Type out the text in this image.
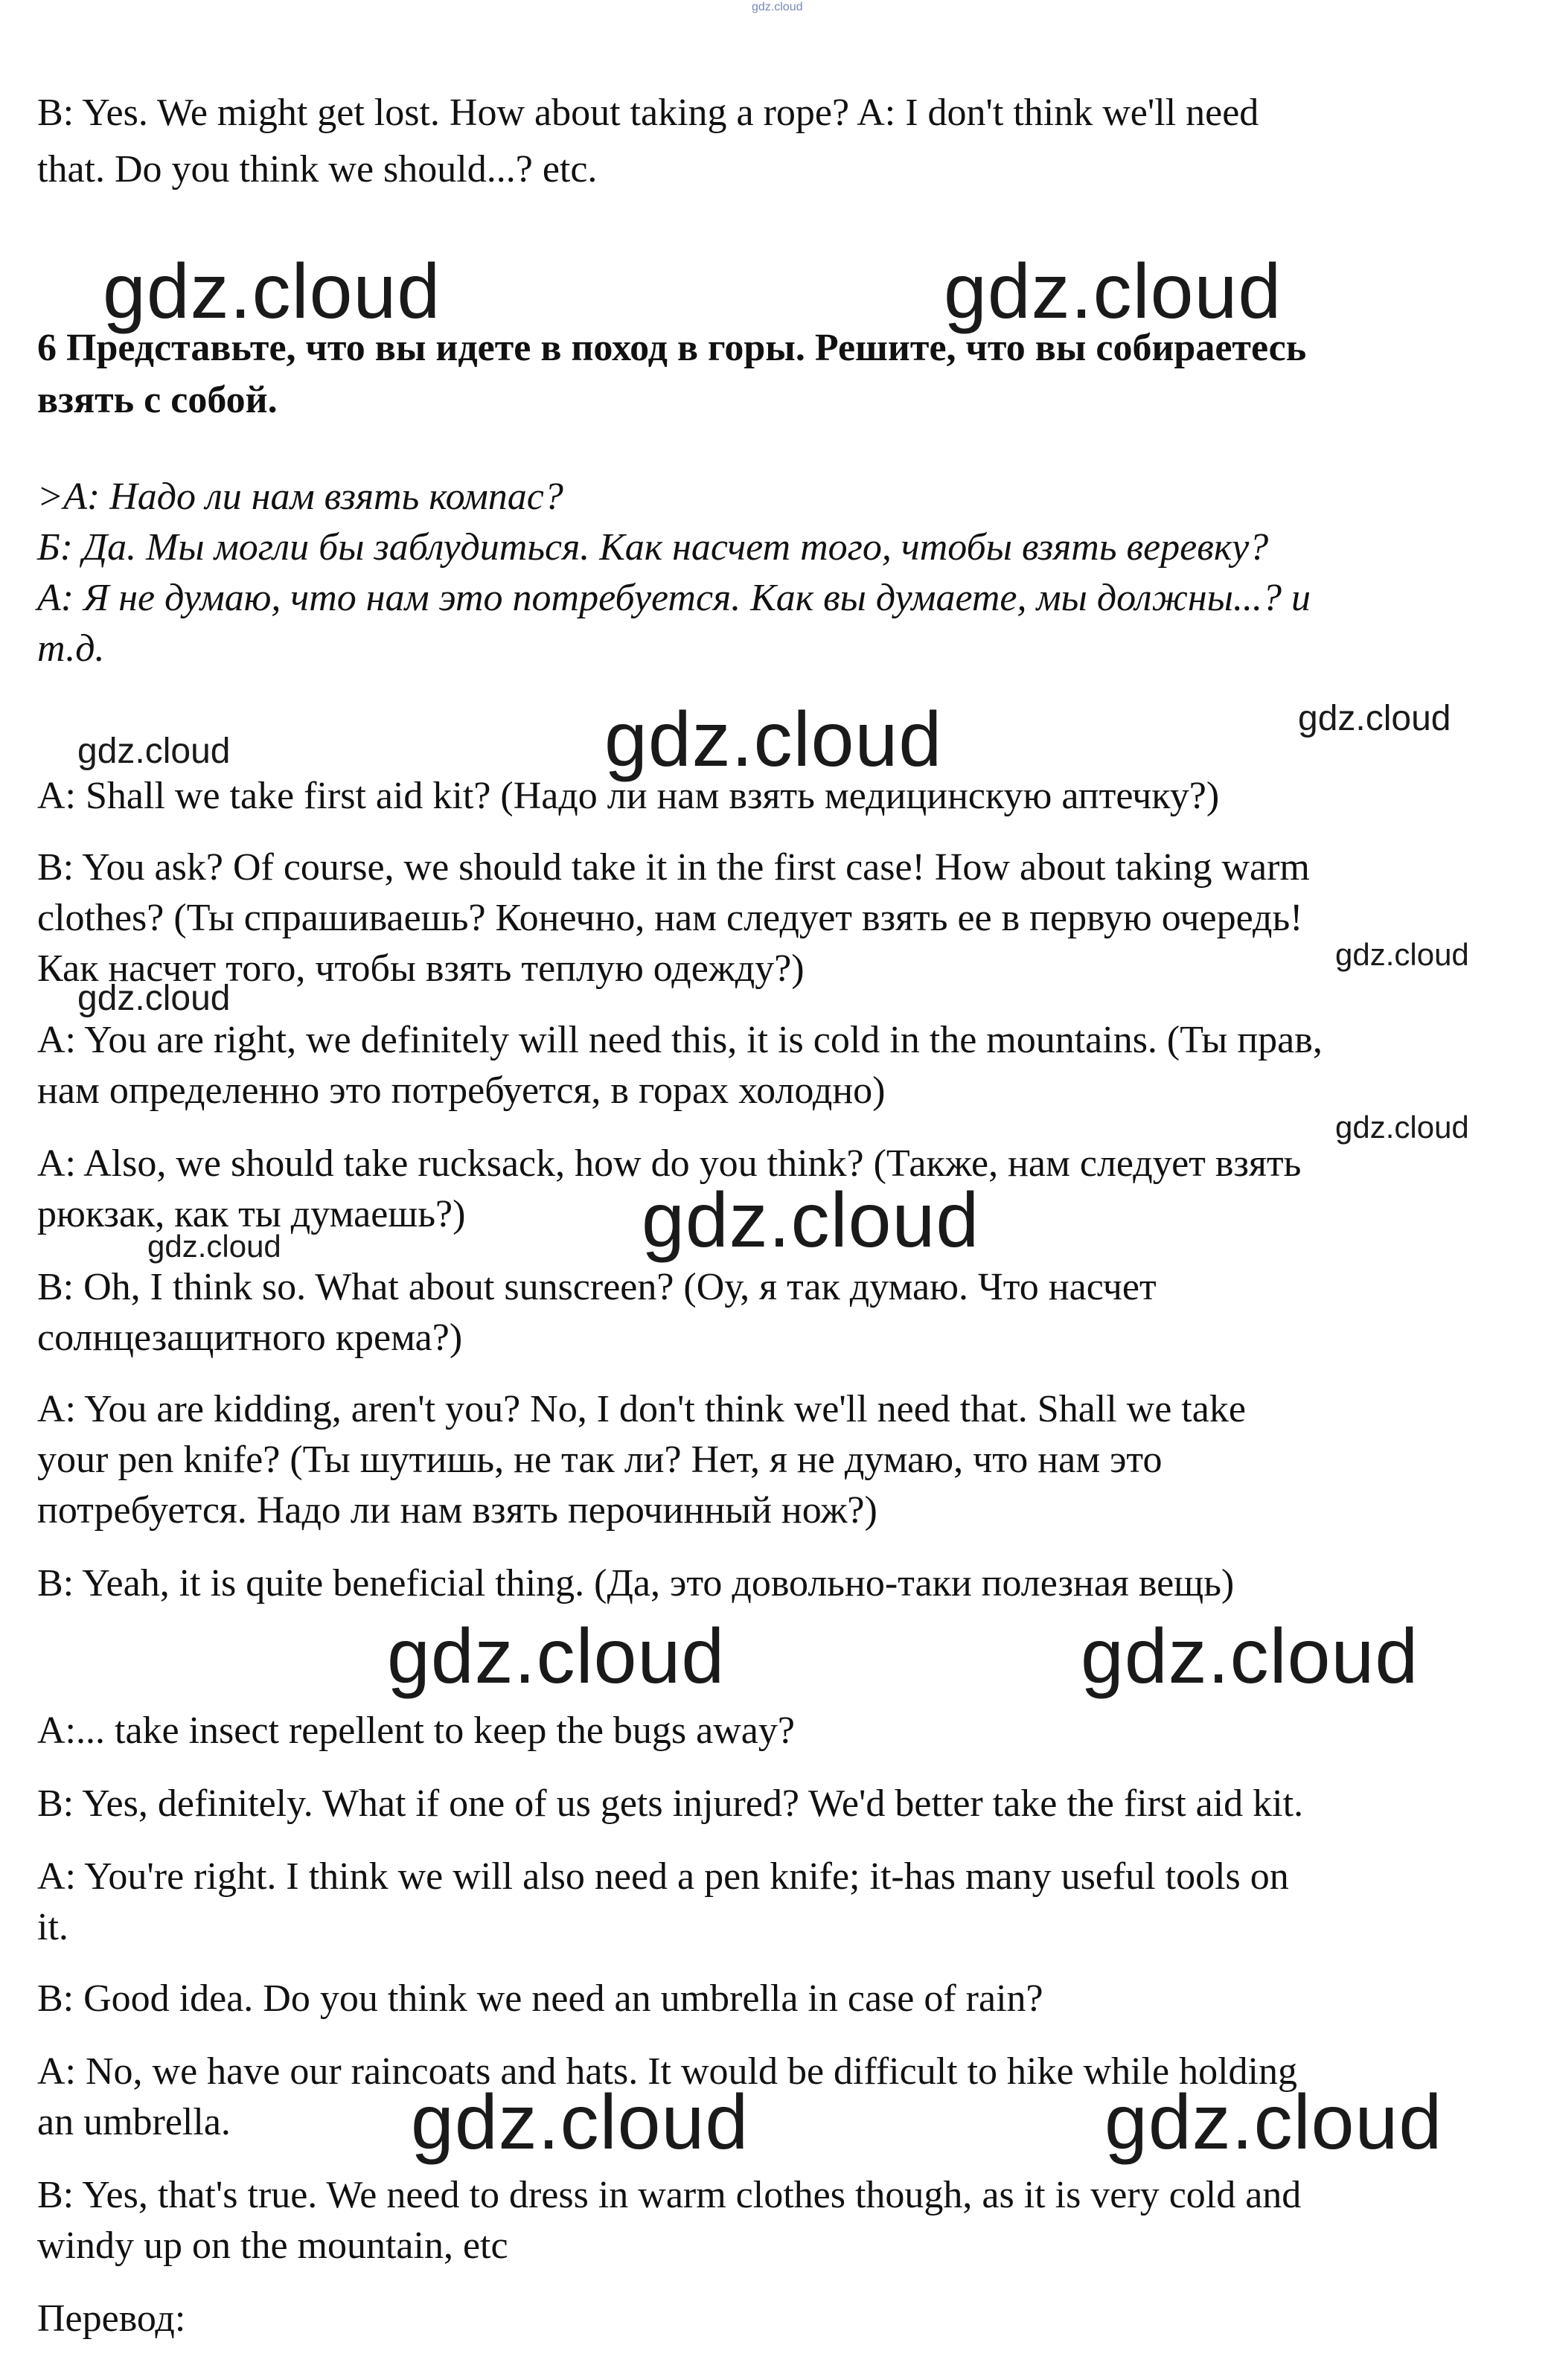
gdz.cloud

B: Yes. We might get lost. How about taking a rope? A: I don't think we'll need

that. Do you think we should...? etc.

6 Представьте, что вы идете в поход в горы. Решите, что вы собираетесь

взять с собой.

>А: Надо ли нам взять компас?

Б: Да. Мы могли бы заблудиться. Как насчет того, чтобы взять веревку?

А: Я не думаю, что нам это потребуется. Как вы думаете, мы должны...? и

т.д.

A: Shall we take first aid kit? (Надо ли нам взять медицинскую аптечку?)

B: You ask? Of course, we should take it in the first case! How about taking warm

clothes? (Ты спрашиваешь? Конечно, нам следует взять ее в первую очередь!

Как насчет того, чтобы взять теплую одежду?)

A: You are right, we definitely will need this, it is cold in the mountains. (Ты прав,

нам определенно это потребуется, в горах холодно)

A: Also, we should take rucksack, how do you think? (Также, нам следует взять

рюкзак, как ты думаешь?)

B: Oh, I think so. What about sunscreen? (Оу, я так думаю. Что насчет

солнцезащитного крема?)

A: You are kidding, aren't you? No, I don't think we'll need that. Shall we take

your pen knife? (Ты шутишь, не так ли? Нет, я не думаю, что нам это

потребуется. Надо ли нам взять перочинный нож?)

B: Yeah, it is quite beneficial thing. (Да, это довольно-таки полезная вещь)

A:... take insect repellent to keep the bugs away?

B: Yes, definitely. What if one of us gets injured? We'd better take the first aid kit.

A: You're right. I think we will also need a pen knife; it-has many useful tools on

it.

B: Good idea. Do you think we need an umbrella in case of rain?

A: No, we have our raincoats and hats. It would be difficult to hike while holding

an umbrella.

B: Yes, that's true. We need to dress in warm clothes though, as it is very cold and

windy up on the mountain, etc

Перевод:

gdz.cloud	gdz.cloud
gdz.cloud	gdz.cloud
gdz.cloud
gdz.cloud
gdz.cloud
gdz.cloud
gdz.cloud
gdz.cloud
gdz.cloud	gdz.cloud
gdz.cloud	gdz.cloud
